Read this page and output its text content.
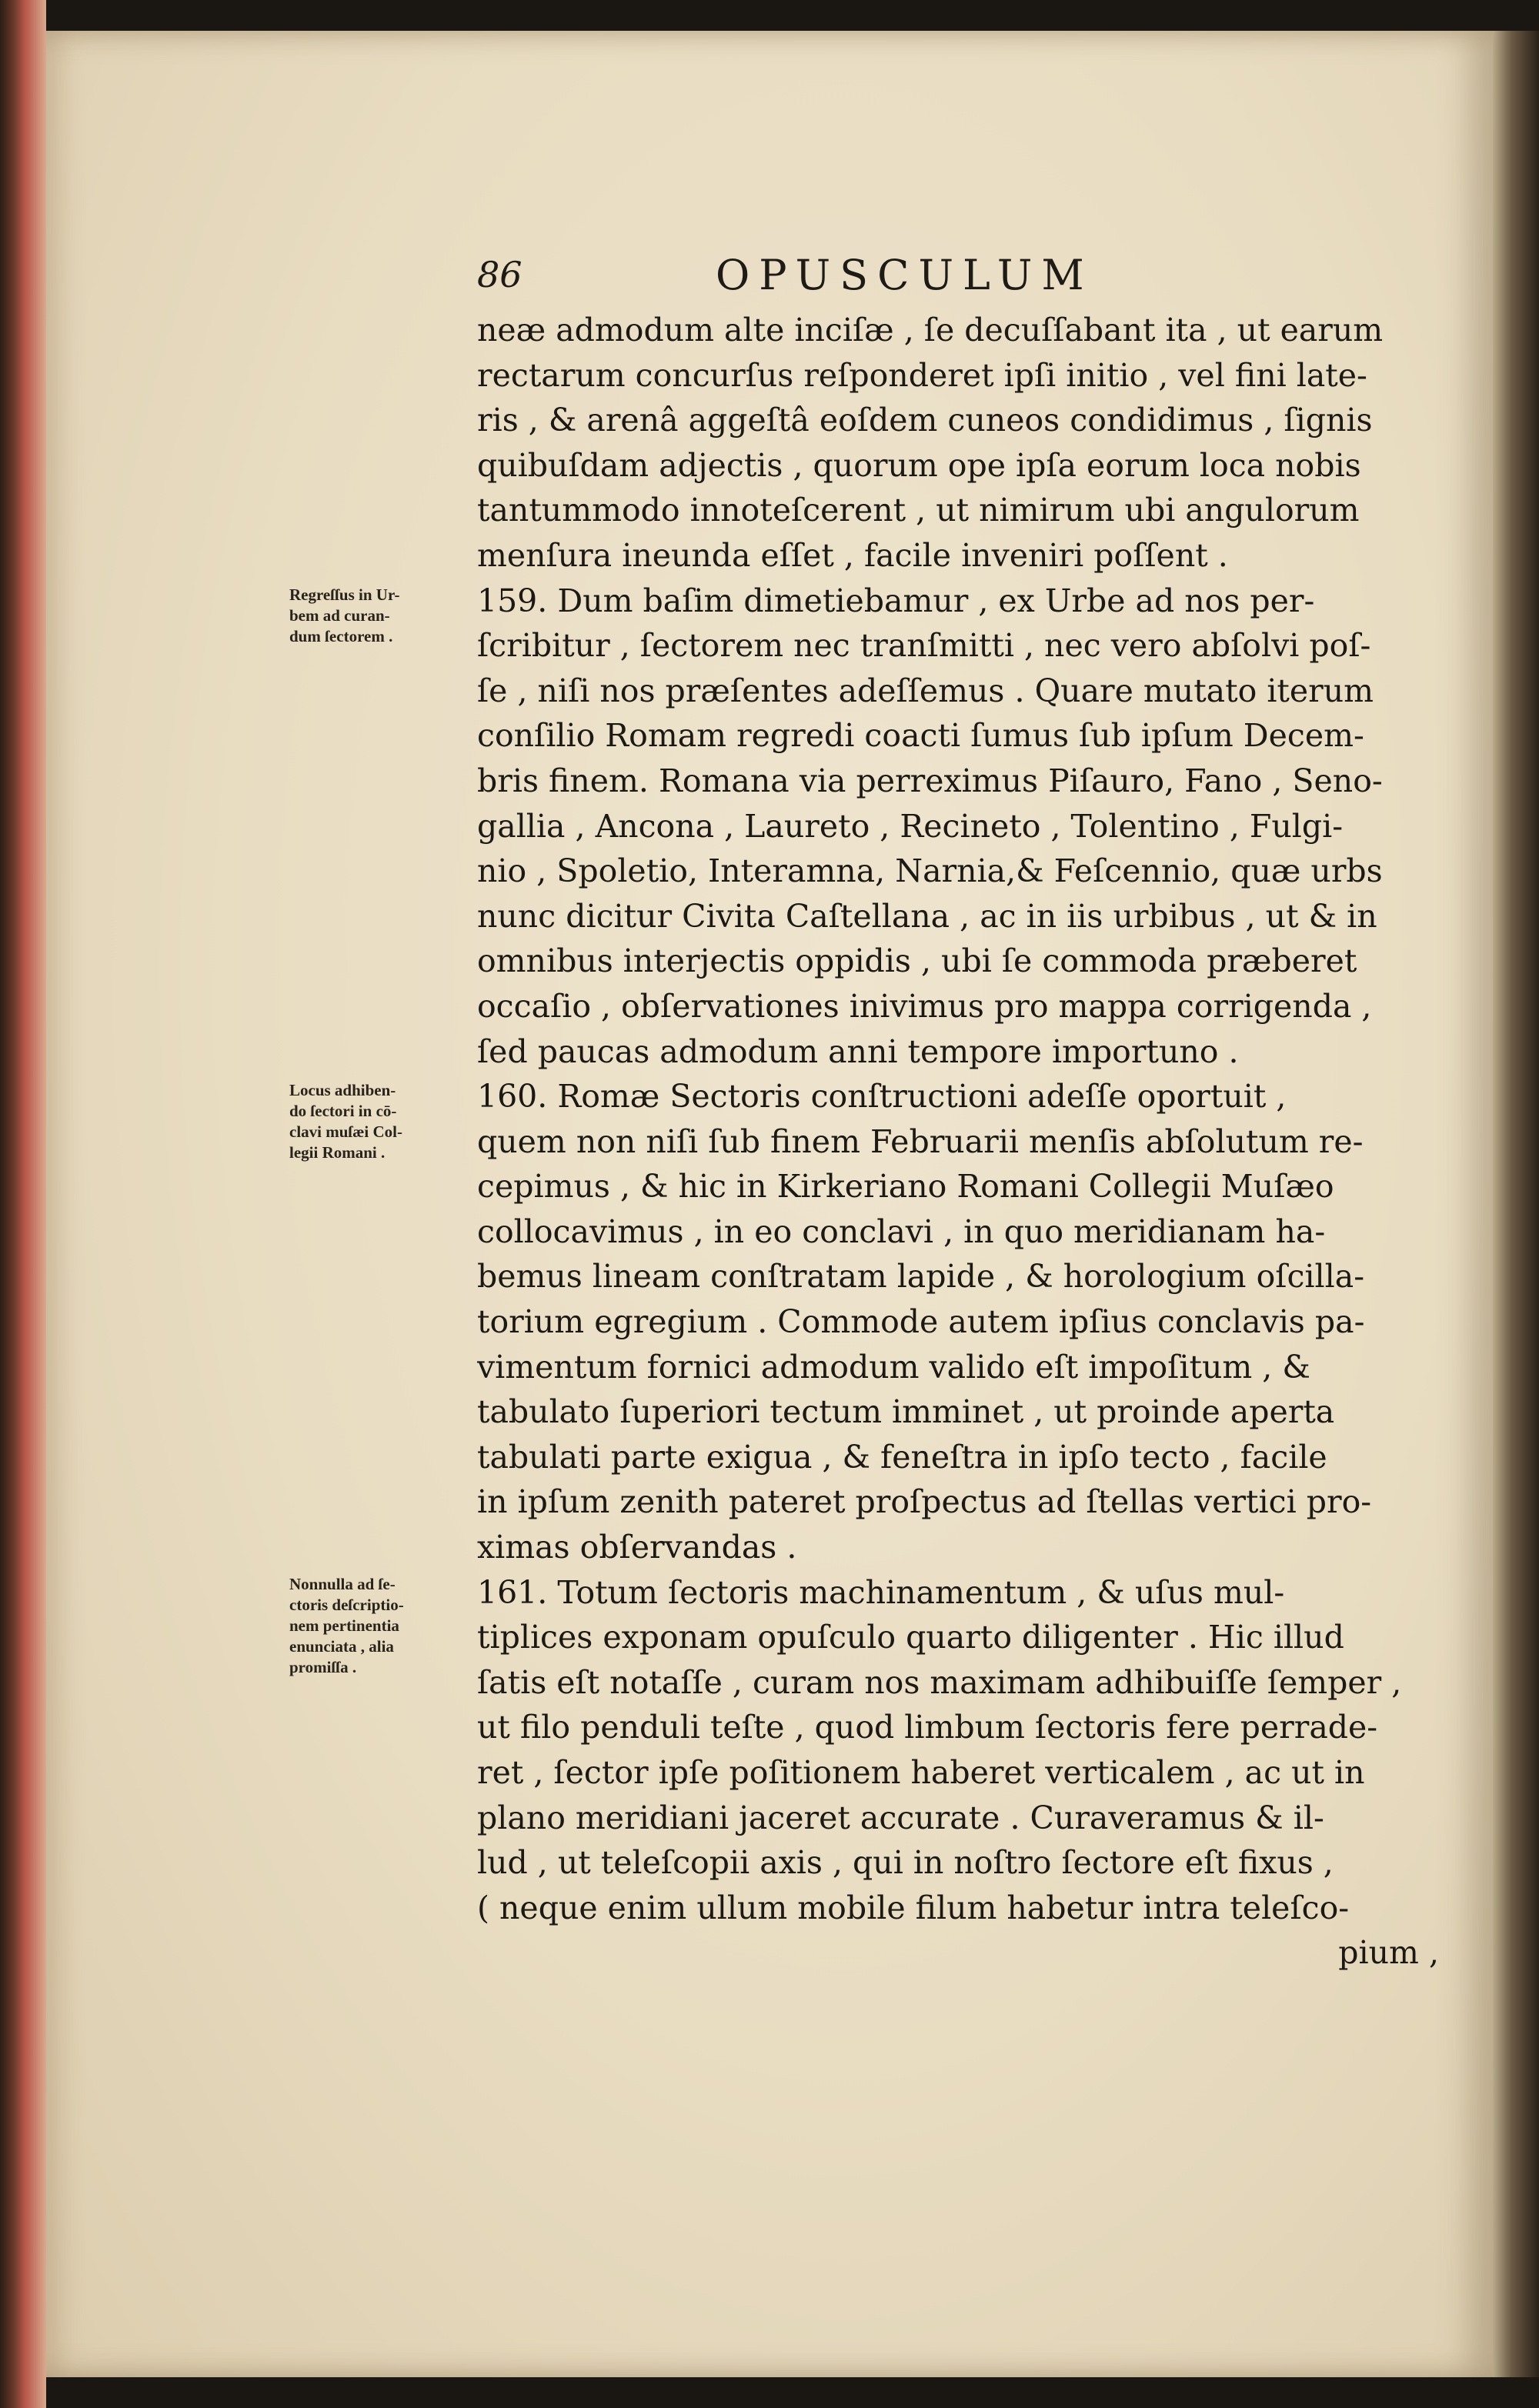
86	OPUSCULUM
Regreſſus in Ur-
bem ad curan-
dum ſectorem .
Locus adhiben-
do ſectori in cō-
clavi muſæi Col-
legii Romani .
Nonnulla ad ſe-
ctoris deſcriptio-
nem pertinentia
enunciata , alia
promiſſa .
neæ admodum alte inciſæ , ſe decuſſabant ita , ut earum
rectarum concurſus reſponderet ipſi initio , vel fini late-
ris , & arenâ aggeſtâ eoſdem cuneos condidimus , ſignis
quibuſdam adjectis , quorum ope ipſa eorum loca nobis
tantummodo innoteſcerent , ut nimirum ubi angulorum
menſura ineunda eſſet , facile inveniri poſſent .
159. Dum baſim dimetiebamur , ex Urbe ad nos per-
ſcribitur , ſectorem nec tranſmitti , nec vero abſolvi poſ-
ſe , niſi nos præſentes adeſſemus . Quare mutato iterum
conſilio Romam regredi coacti ſumus ſub ipſum Decem-
bris finem. Romana via perreximus Piſauro, Fano , Seno-
gallia , Ancona , Laureto , Recineto , Tolentino , Fulgi-
nio , Spoletio, Interamna, Narnia,& Feſcennio, quæ urbs
nunc dicitur Civita Caſtellana , ac in iis urbibus , ut & in
omnibus interjectis oppidis , ubi ſe commoda præberet
occaſio , obſervationes inivimus pro mappa corrigenda ,
ſed paucas admodum anni tempore importuno .
160. Romæ Sectoris conſtructioni adeſſe oportuit ,
quem non niſi ſub finem Februarii menſis abſolutum re-
cepimus , & hic in Kirkeriano Romani Collegii Muſæo
collocavimus , in eo conclavi , in quo meridianam ha-
bemus lineam conſtratam lapide , & horologium oſcilla-
torium egregium . Commode autem ipſius conclavis pa-
vimentum fornici admodum valido eſt impoſitum , &
tabulato ſuperiori tectum imminet , ut proinde aperta
tabulati parte exigua , & feneſtra in ipſo tecto , facile
in ipſum zenith pateret proſpectus ad ſtellas vertici pro-
ximas obſervandas .
161. Totum ſectoris machinamentum , & uſus mul-
tiplices exponam opuſculo quarto diligenter . Hic illud
ſatis eſt notaſſe , curam nos maximam adhibuiſſe ſemper ,
ut filo penduli teſte , quod limbum ſectoris fere perrade-
ret , ſector ipſe poſitionem haberet verticalem , ac ut in
plano meridiani jaceret accurate . Curaveramus & il-
lud , ut teleſcopii axis , qui in noſtro ſectore eſt fixus ,
( neque enim ullum mobile filum habetur intra teleſco-
pium ,
